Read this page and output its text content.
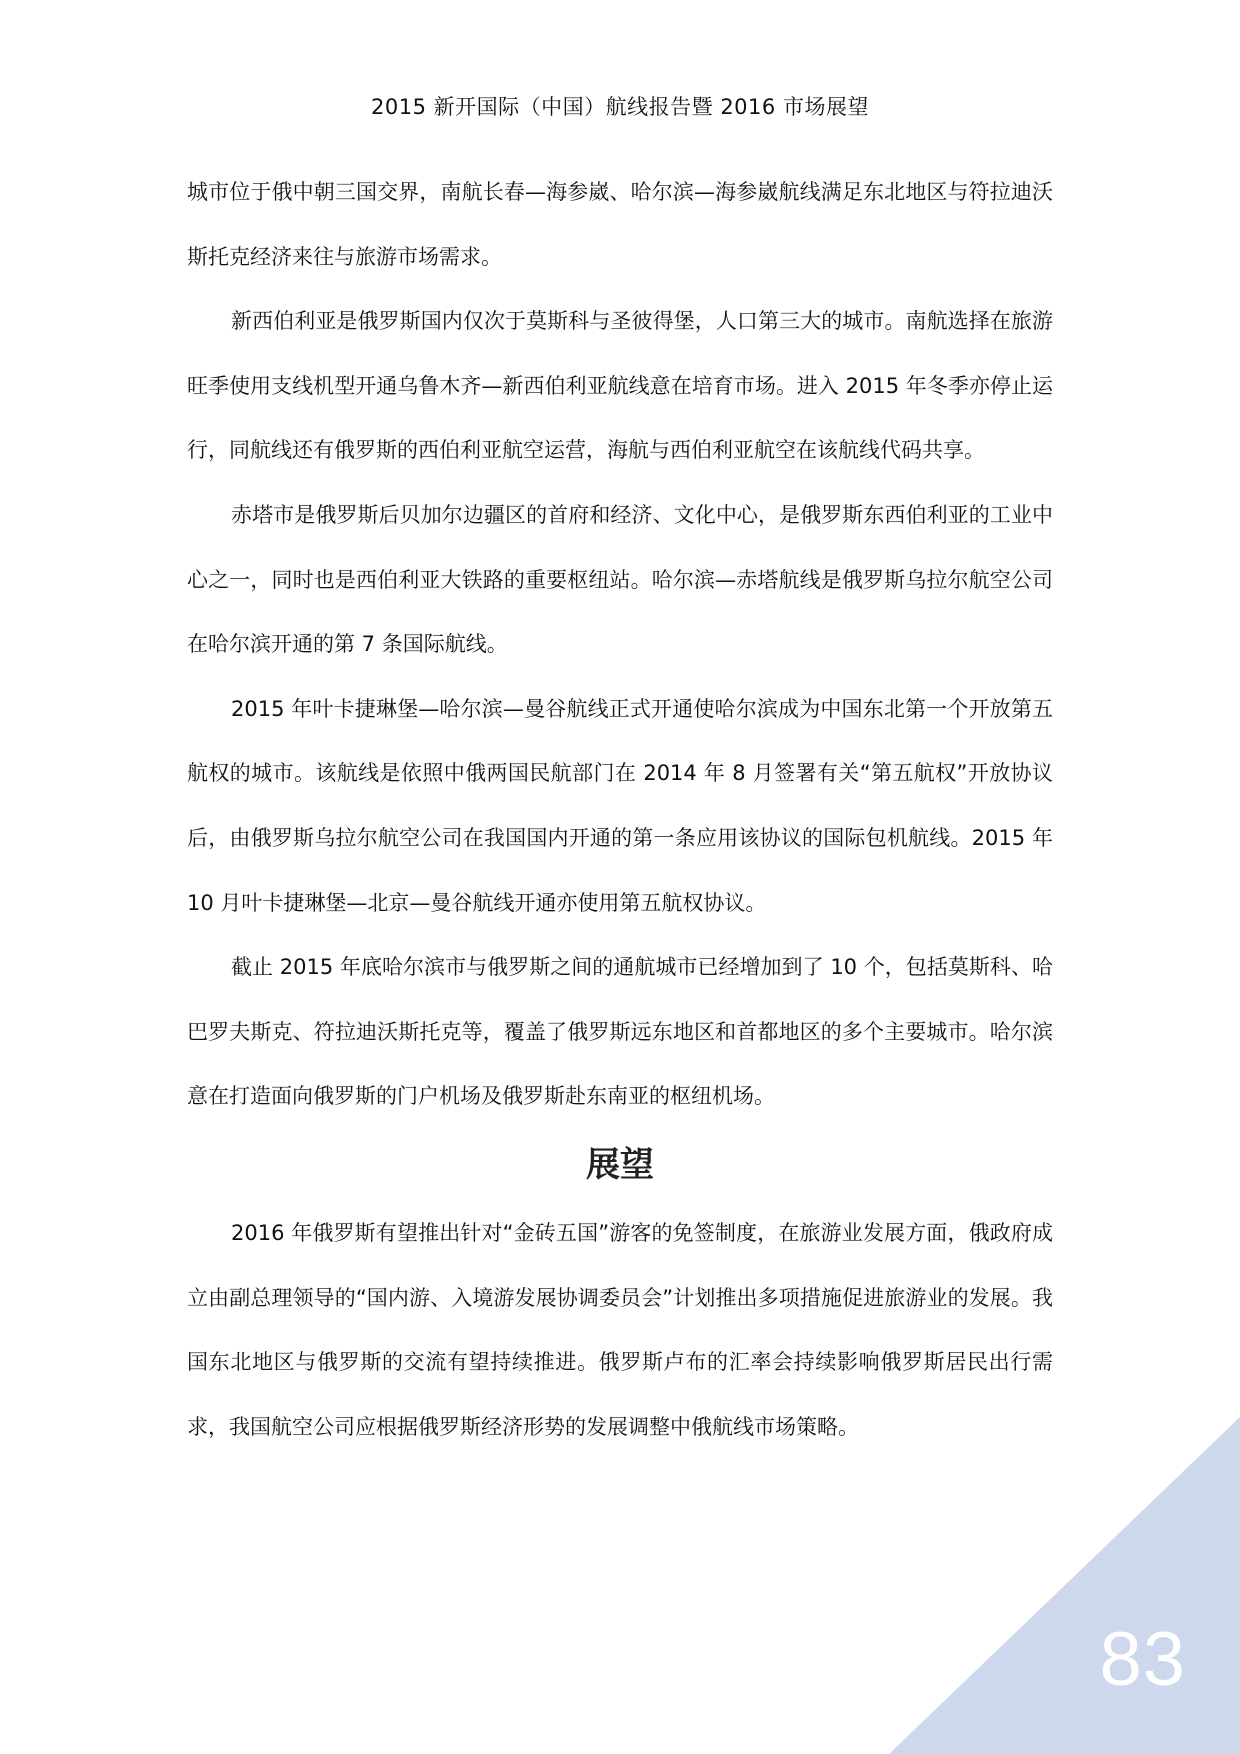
2015 新开国际（中国）航线报告暨 2016 市场展望

城市位于俄中朝三国交界，南航长春—海参崴、哈尔滨—海参崴航线满足东北地区与符拉迪沃斯托克经济来往与旅游市场需求。

新西伯利亚是俄罗斯国内仅次于莫斯科与圣彼得堡，人口第三大的城市。南航选择在旅游旺季使用支线机型开通乌鲁木齐—新西伯利亚航线意在培育市场。进入 2015 年冬季亦停止运行，同航线还有俄罗斯的西伯利亚航空运营，海航与西伯利亚航空在该航线代码共享。

赤塔市是俄罗斯后贝加尔边疆区的首府和经济、文化中心，是俄罗斯东西伯利亚的工业中心之一，同时也是西伯利亚大铁路的重要枢纽站。哈尔滨—赤塔航线是俄罗斯乌拉尔航空公司在哈尔滨开通的第 7 条国际航线。

2015 年叶卡捷琳堡—哈尔滨—曼谷航线正式开通使哈尔滨成为中国东北第一个开放第五航权的城市。该航线是依照中俄两国民航部门在 2014 年 8 月签署有关“第五航权”开放协议后，由俄罗斯乌拉尔航空公司在我国国内开通的第一条应用该协议的国际包机航线。2015 年 10 月叶卡捷琳堡—北京—曼谷航线开通亦使用第五航权协议。

截止 2015 年底哈尔滨市与俄罗斯之间的通航城市已经增加到了 10 个，包括莫斯科、哈巴罗夫斯克、符拉迪沃斯托克等，覆盖了俄罗斯远东地区和首都地区的多个主要城市。哈尔滨意在打造面向俄罗斯的门户机场及俄罗斯赴东南亚的枢纽机场。

展望

2016 年俄罗斯有望推出针对“金砖五国”游客的免签制度，在旅游业发展方面，俄政府成立由副总理领导的“国内游、入境游发展协调委员会”计划推出多项措施促进旅游业的发展。我国东北地区与俄罗斯的交流有望持续推进。俄罗斯卢布的汇率会持续影响俄罗斯居民出行需求，我国航空公司应根据俄罗斯经济形势的发展调整中俄航线市场策略。

83
